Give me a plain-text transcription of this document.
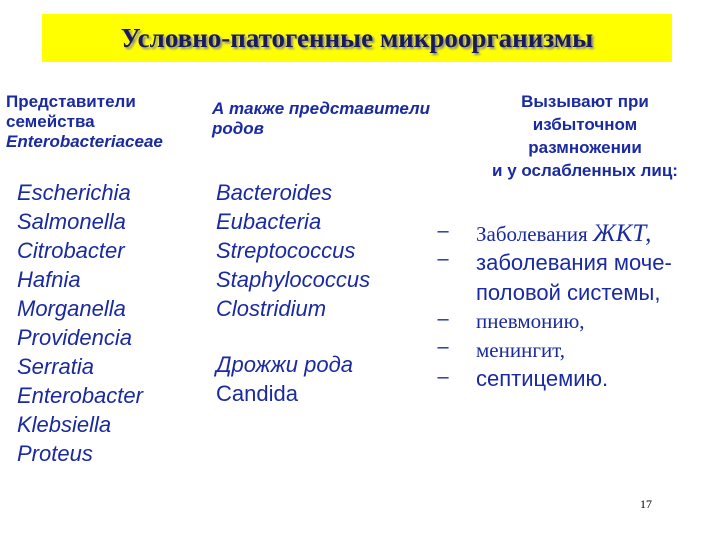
Условно-патогенные микроорганизмы
Представители
семейства
Enterobacteriaceae
А также представители
родов
Вызывают при
избыточном
размножении
и у ослабленных лиц:
Escherichia
Salmonella
Citrobacter
Hafnia
Morganella
Providencia
Serratia
Enterobacter
Klebsiella
Proteus
Bacteroides
Eubacteria
Streptococcus
Staphylococcus
Clostridium
Дрожжи рода
Candida
–
–
–
–
–
Заболевания ЖКТ,
заболевания моче-
половой системы,
пневмонию,
менингит,
септицемию.
17
